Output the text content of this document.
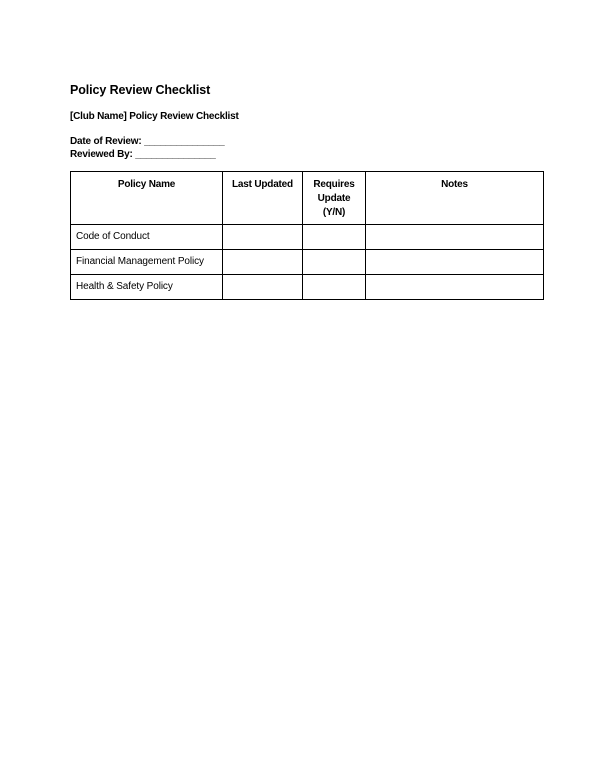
Policy Review Checklist
[Club Name] Policy Review Checklist
Date of Review: _______________
Reviewed By: _______________
Policy Name	Last Updated	Requires Update (Y/N)	Notes
Code of Conduct			
Financial Management Policy			
Health & Safety Policy			
